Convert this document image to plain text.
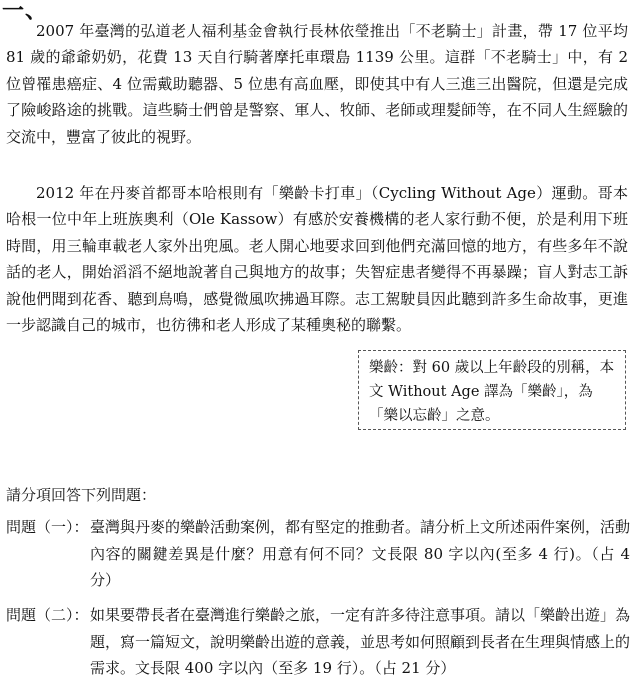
一、

2007 年臺灣的弘道老人福利基金會執行長林依瑩推出「不老騎士」計畫，帶 17 位平均 81 歲的爺爺奶奶，花費 13 天自行騎著摩托車環島 1139 公里。這群「不老騎士」中，有 2 位曾罹患癌症、4 位需戴助聽器、5 位患有高血壓，即使其中有人三進三出醫院，但還是完成了險峻路途的挑戰。這些騎士們曾是警察、軍人、牧師、老師或理髮師等，在不同人生經驗的交流中，豐富了彼此的視野。

2012 年在丹麥首都哥本哈根則有「樂齡卡打車」（Cycling Without Age）運動。哥本哈根一位中年上班族奧利（Ole Kassow）有感於安養機構的老人家行動不便，於是利用下班時間，用三輪車載老人家外出兜風。老人開心地要求回到他們充滿回憶的地方，有些多年不說話的老人，開始滔滔不絕地說著自己與地方的故事；失智症患者變得不再暴躁；盲人對志工訴說他們聞到花香、聽到鳥鳴，感覺微風吹拂過耳際。志工駕駛員因此聽到許多生命故事，更進一步認識自己的城市，也彷彿和老人形成了某種奧秘的聯繫。

樂齡：對 60 歲以上年齡段的別稱，本文 Without Age 譯為「樂齡」，為「樂以忘齡」之意。

請分項回答下列問題：

問題（一）： 臺灣與丹麥的樂齡活動案例，都有堅定的推動者。請分析上文所述兩件案例，活動內容的關鍵差異是什麼？用意有何不同？文長限 80 字以內(至多 4 行)。（占 4 分）

問題（二）： 如果要帶長者在臺灣進行樂齡之旅，一定有許多待注意事項。請以「樂齡出遊」為題，寫一篇短文，說明樂齡出遊的意義，並思考如何照顧到長者在生理與情感上的需求。文長限 400 字以內（至多 19 行）。（占 21 分）
